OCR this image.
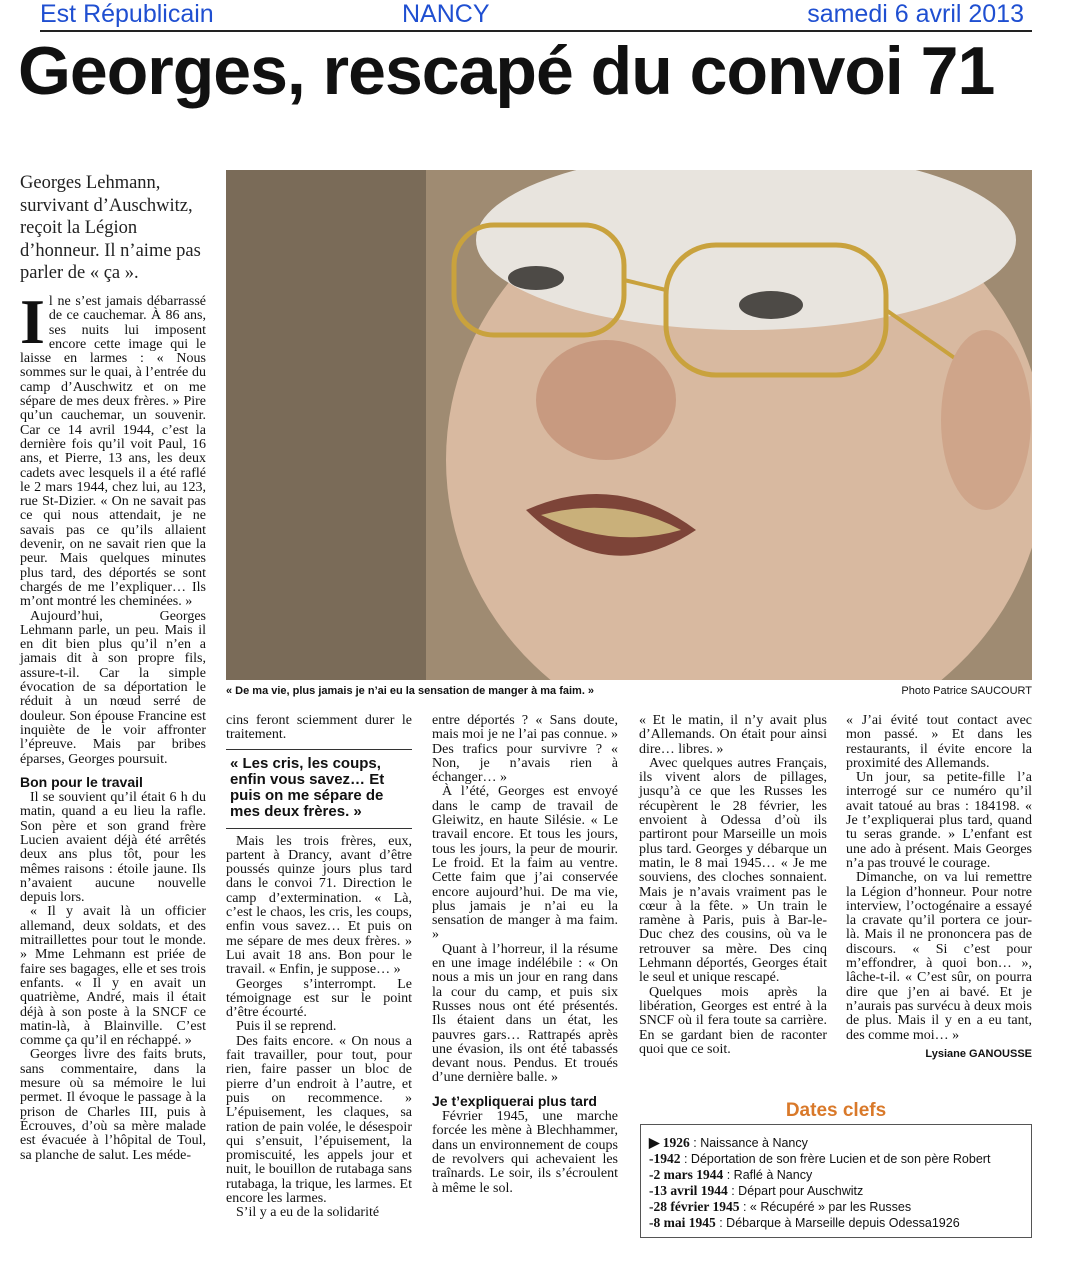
Est Républicain	NANCY	samedi 6 avril 2013
Georges, rescapé du convoi 71
Georges Lehmann, survivant d’Auschwitz, reçoit la Légion d’honneur. Il n’aime pas parler de « ça ».
« De ma vie, plus jamais je n’ai eu la sensation de manger à ma faim. »	Photo Patrice SAUCOURT

Il ne s’est jamais débarrassé de ce cauchemar. À 86 ans, ses nuits lui imposent encore cette image qui le laisse en larmes : « Nous sommes sur le quai, à l’entrée du camp d’Auschwitz et on me sépare de mes deux frères. » Pire qu’un cauchemar, un souvenir. Car ce 14 avril 1944, c’est la dernière fois qu’il voit Paul, 16 ans, et Pierre, 13 ans, les deux cadets avec lesquels il a été raflé le 2 mars 1944, chez lui, au 123, rue St-Dizier. « On ne savait pas ce qui nous attendait, je ne savais pas ce qu’ils allaient devenir, on ne savait rien que la peur. Mais quelques minutes plus tard, des déportés se sont chargés de me l’expliquer… Ils m’ont montré les cheminées. »

Aujourd’hui, Georges Lehmann parle, un peu. Mais il en dit bien plus qu’il n’en a jamais dit à son propre fils, assure-t-il. Car la simple évocation de sa déportation le réduit à un nœud serré de douleur. Son épouse Francine est inquiète de le voir affronter l’épreuve. Mais par bribes éparses, Georges poursuit.

Bon pour le travail

Il se souvient qu’il était 6 h du matin, quand a eu lieu la rafle. Son père et son grand frère Lucien avaient déjà été arrêtés deux ans plus tôt, pour les mêmes raisons : étoile jaune. Ils n’avaient aucune nouvelle depuis lors.

« Il y avait là un officier allemand, deux soldats, et des mitraillettes pour tout le monde. » Mme Lehmann est priée de faire ses bagages, elle et ses trois enfants. « Il y en avait un quatrième, André, mais il était déjà à son poste à la SNCF ce matin-là, à Blainville. C’est comme ça qu’il en réchappé. »

Georges livre des faits bruts, sans commentaire, dans la mesure où sa mémoire le lui permet. Il évoque le passage à la prison de Charles III, puis à Écrouves, d’où sa mère malade est évacuée à l’hôpital de Toul, sa planche de salut. Les méde-

cins feront sciemment durer le traitement.

« Les cris, les coups, enfin vous savez… Et puis on me sépare de mes deux frères. »

Mais les trois frères, eux, partent à Drancy, avant d’être poussés quinze jours plus tard dans le convoi 71. Direction le camp d’extermination. « Là, c’est le chaos, les cris, les coups, enfin vous savez… Et puis on me sépare de mes deux frères. » Lui avait 18 ans. Bon pour le travail. « Enfin, je suppose… »

Georges s’interrompt. Le témoignage est sur le point d’être écourté.

Puis il se reprend.

Des faits encore. « On nous a fait travailler, pour tout, pour rien, faire passer un bloc de pierre d’un endroit à l’autre, et puis on recommence. » L’épuisement, les claques, sa ration de pain volée, le désespoir qui s’ensuit, l’épuisement, la promiscuité, les appels jour et nuit, le bouillon de rutabaga sans rutabaga, la trique, les larmes. Et encore les larmes.

S’il y a eu de la solidarité

entre déportés ? « Sans doute, mais moi je ne l’ai pas connue. » Des trafics pour survivre ? « Non, je n’avais rien à échanger… »

À l’été, Georges est envoyé dans le camp de travail de Gleiwitz, en haute Silésie. « Le travail encore. Et tous les jours, tous les jours, la peur de mourir. Le froid. Et la faim au ventre. Cette faim que j’ai conservée encore aujourd’hui. De ma vie, plus jamais je n’ai eu la sensation de manger à ma faim. »

Quant à l’horreur, il la résume en une image indélébile : « On nous a mis un jour en rang dans la cour du camp, et puis six Russes nous ont été présentés. Ils étaient dans un état, les pauvres gars… Rattrapés après une évasion, ils ont été tabassés devant nous. Pendus. Et troués d’une dernière balle. »

Je t’expliquerai plus tard

Février 1945, une marche forcée les mène à Blechhammer, dans un environnement de coups de revolvers qui achevaient les traînards. Le soir, ils s’écroulent à même le sol.

« Et le matin, il n’y avait plus d’Allemands. On était pour ainsi dire… libres. »

Avec quelques autres Français, ils vivent alors de pillages, jusqu’à ce que les Russes les récupèrent le 28 février, les envoient à Odessa d’où ils partiront pour Marseille un mois plus tard. Georges y débarque un matin, le 8 mai 1945… « Je me souviens, des cloches sonnaient. Mais je n’avais vraiment pas le cœur à la fête. » Un train le ramène à Paris, puis à Bar-le-Duc chez des cousins, où va le retrouver sa mère. Des cinq Lehmann déportés, Georges était le seul et unique rescapé.

Quelques mois après la libération, Georges est entré à la SNCF où il fera toute sa carrière. En se gardant bien de raconter quoi que ce soit.

« J’ai évité tout contact avec mon passé. » Et dans les restaurants, il évite encore la proximité des Allemands.

Un jour, sa petite-fille l’a interrogé sur ce numéro qu’il avait tatoué au bras : 184198. « Je t’expliquerai plus tard, quand tu seras grande. » L’enfant est une ado à présent. Mais Georges n’a pas trouvé le courage.

Dimanche, on va lui remettre la Légion d’honneur. Pour notre interview, l’octogénaire a essayé la cravate qu’il portera ce jour-là. Mais il ne prononcera pas de discours. « Si c’est pour m’effondrer, à quoi bon… », lâche-t-il. « C’est sûr, on pourra dire que j’en ai bavé. Et je n’aurais pas survécu à deux mois de plus. Mais il y en a eu tant, des comme moi… »

Lysiane GANOUSSE
Dates clefs
▶ 1926 : Naissance à Nancy
-1942 : Déportation de son frère Lucien et de son père Robert
-2 mars 1944 : Raflé à Nancy
-13 avril 1944 : Départ pour Auschwitz
-28 février 1945 : « Récupéré » par les Russes
-8 mai 1945 : Débarque à Marseille depuis Odessa1926
